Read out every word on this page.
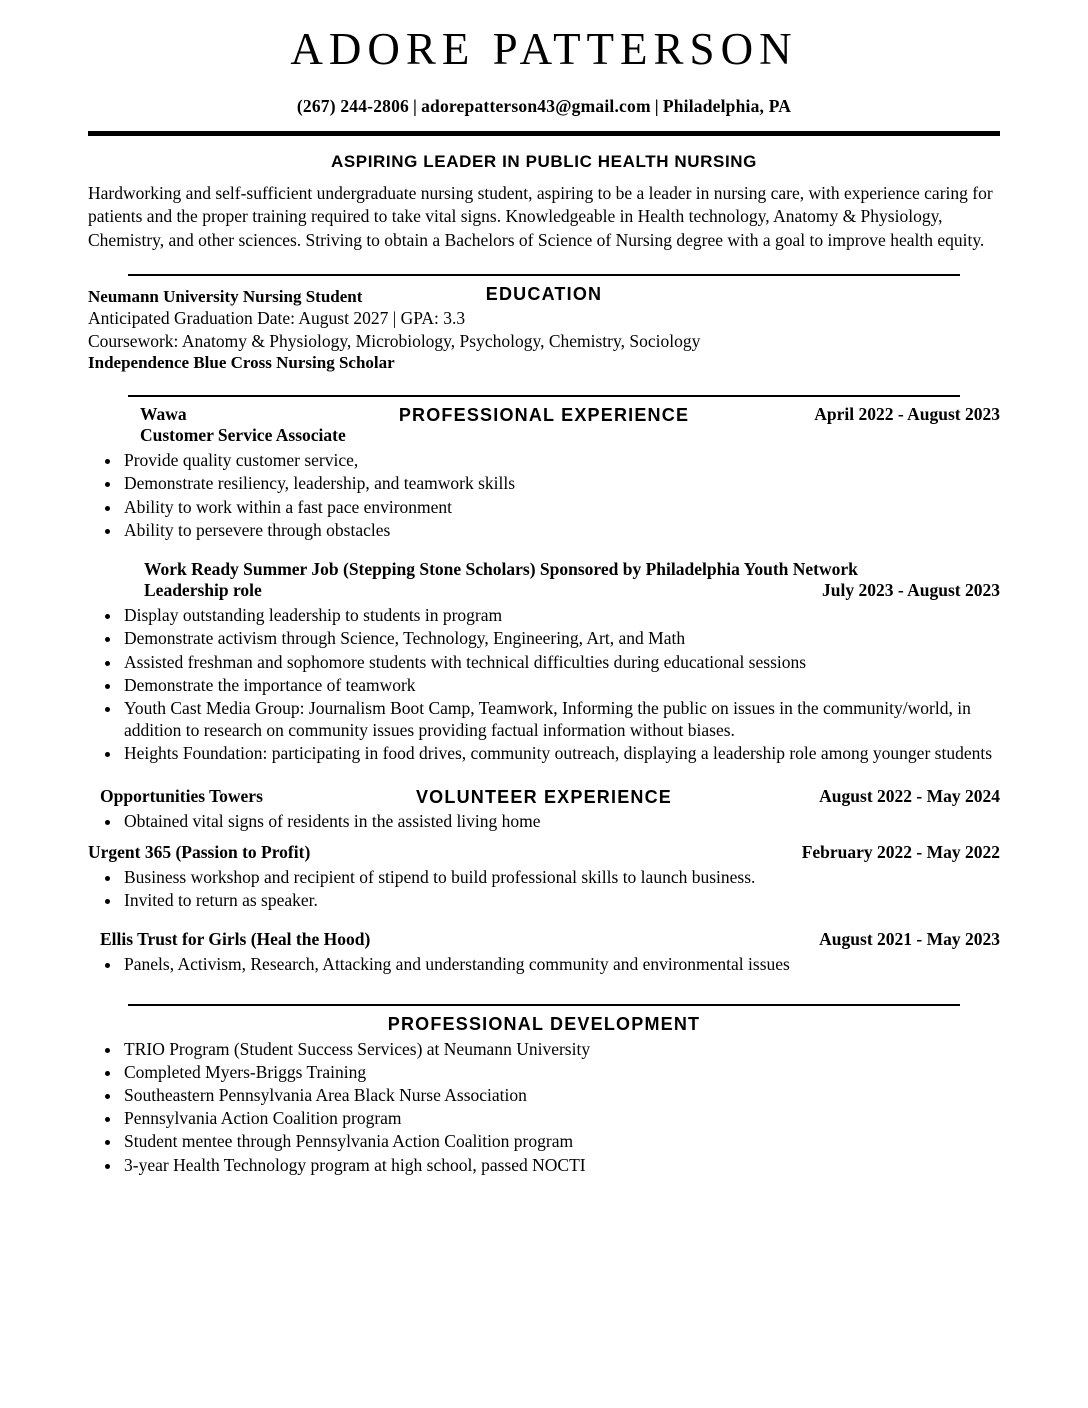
ADORE PATTERSON
(267) 244-2806 | adorepatterson43@gmail.com | Philadelphia, PA
ASPIRING LEADER IN PUBLIC HEALTH NURSING
Hardworking and self-sufficient undergraduate nursing student, aspiring to be a leader in nursing care, with experience caring for patients and the proper training required to take vital signs. Knowledgeable in Health technology, Anatomy & Physiology, Chemistry, and other sciences. Striving to obtain a Bachelors of Science of Nursing degree with a goal to improve health equity.
EDUCATION
Neumann University Nursing Student
Anticipated Graduation Date: August 2027 | GPA: 3.3
Coursework: Anatomy & Physiology, Microbiology, Psychology, Chemistry, Sociology
Independence Blue Cross Nursing Scholar
PROFESSIONAL EXPERIENCE
Wawa	April 2022 - August 2023
Customer Service Associate
• Provide quality customer service,
• Demonstrate resiliency, leadership, and teamwork skills
• Ability to work within a fast pace environment
• Ability to persevere through obstacles
Work Ready Summer Job (Stepping Stone Scholars) Sponsored by Philadelphia Youth Network
Leadership role	July 2023 - August 2023
• Display outstanding leadership to students in program
• Demonstrate activism through Science, Technology, Engineering, Art, and Math
• Assisted freshman and sophomore students with technical difficulties during educational sessions
• Demonstrate the importance of teamwork
• Youth Cast Media Group: Journalism Boot Camp, Teamwork, Informing the public on issues in the community/world, in addition to research on community issues providing factual information without biases.
• Heights Foundation: participating in food drives, community outreach, displaying a leadership role among younger students
VOLUNTEER EXPERIENCE
Opportunities Towers	August 2022 - May 2024
• Obtained vital signs of residents in the assisted living home
Urgent 365 (Passion to Profit)	February 2022 - May 2022
• Business workshop and recipient of stipend to build professional skills to launch business.
• Invited to return as speaker.
Ellis Trust for Girls (Heal the Hood)	August 2021 - May 2023
• Panels, Activism, Research, Attacking and understanding community and environmental issues
PROFESSIONAL DEVELOPMENT
• TRIO Program (Student Success Services) at Neumann University
• Completed Myers-Briggs Training
• Southeastern Pennsylvania Area Black Nurse Association
• Pennsylvania Action Coalition program
• Student mentee through Pennsylvania Action Coalition program
• 3-year Health Technology program at high school, passed NOCTI
